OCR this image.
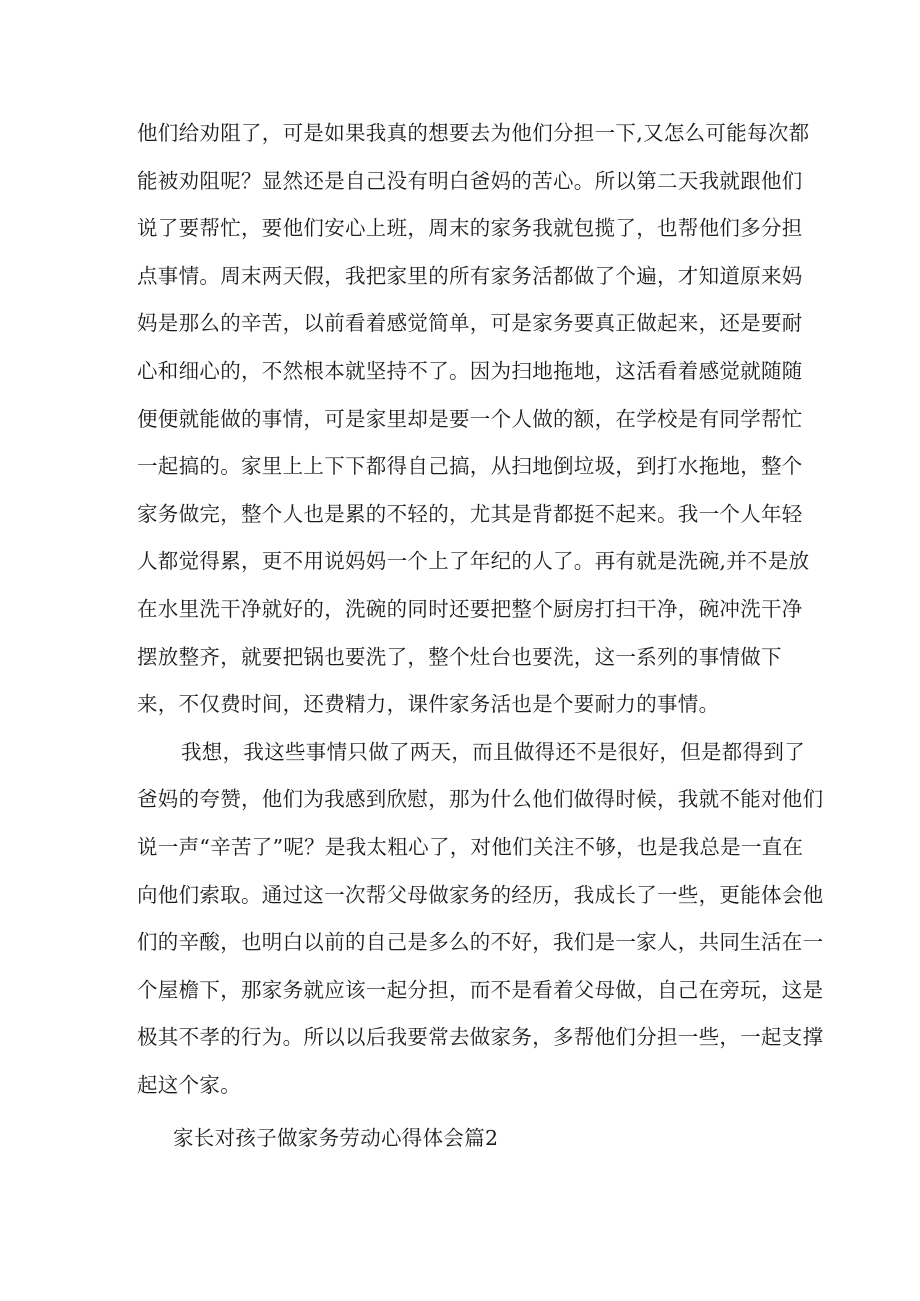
他们给劝阻了，可是如果我真的想要去为他们分担一下,又怎么可能每次都
能被劝阻呢？显然还是自己没有明白爸妈的苦心。所以第二天我就跟他们
说了要帮忙，要他们安心上班，周末的家务我就包揽了，也帮他们多分担
点事情。周末两天假，我把家里的所有家务活都做了个遍，才知道原来妈
妈是那么的辛苦，以前看着感觉简单，可是家务要真正做起来，还是要耐
心和细心的，不然根本就坚持不了。因为扫地拖地，这活看着感觉就随随
便便就能做的事情，可是家里却是要一个人做的额，在学校是有同学帮忙
一起搞的。家里上上下下都得自己搞，从扫地倒垃圾，到打水拖地，整个
家务做完，整个人也是累的不轻的，尤其是背都挺不起来。我一个人年轻
人都觉得累，更不用说妈妈一个上了年纪的人了。再有就是洗碗,并不是放
在水里洗干净就好的，洗碗的同时还要把整个厨房打扫干净，碗冲洗干净
摆放整齐，就要把锅也要洗了，整个灶台也要洗，这一系列的事情做下
来，不仅费时间，还费精力，课件家务活也是个要耐力的事情。
我想，我这些事情只做了两天，而且做得还不是很好，但是都得到了
爸妈的夸赞，他们为我感到欣慰，那为什么他们做得时候，我就不能对他们
说一声“辛苦了”呢？是我太粗心了，对他们关注不够，也是我总是一直在
向他们索取。通过这一次帮父母做家务的经历，我成长了一些，更能体会他
们的辛酸，也明白以前的自己是多么的不好，我们是一家人，共同生活在一
个屋檐下，那家务就应该一起分担，而不是看着父母做，自己在旁玩，这是
极其不孝的行为。所以以后我要常去做家务，多帮他们分担一些，一起支撑
起这个家。
家长对孩子做家务劳动心得体会篇2
